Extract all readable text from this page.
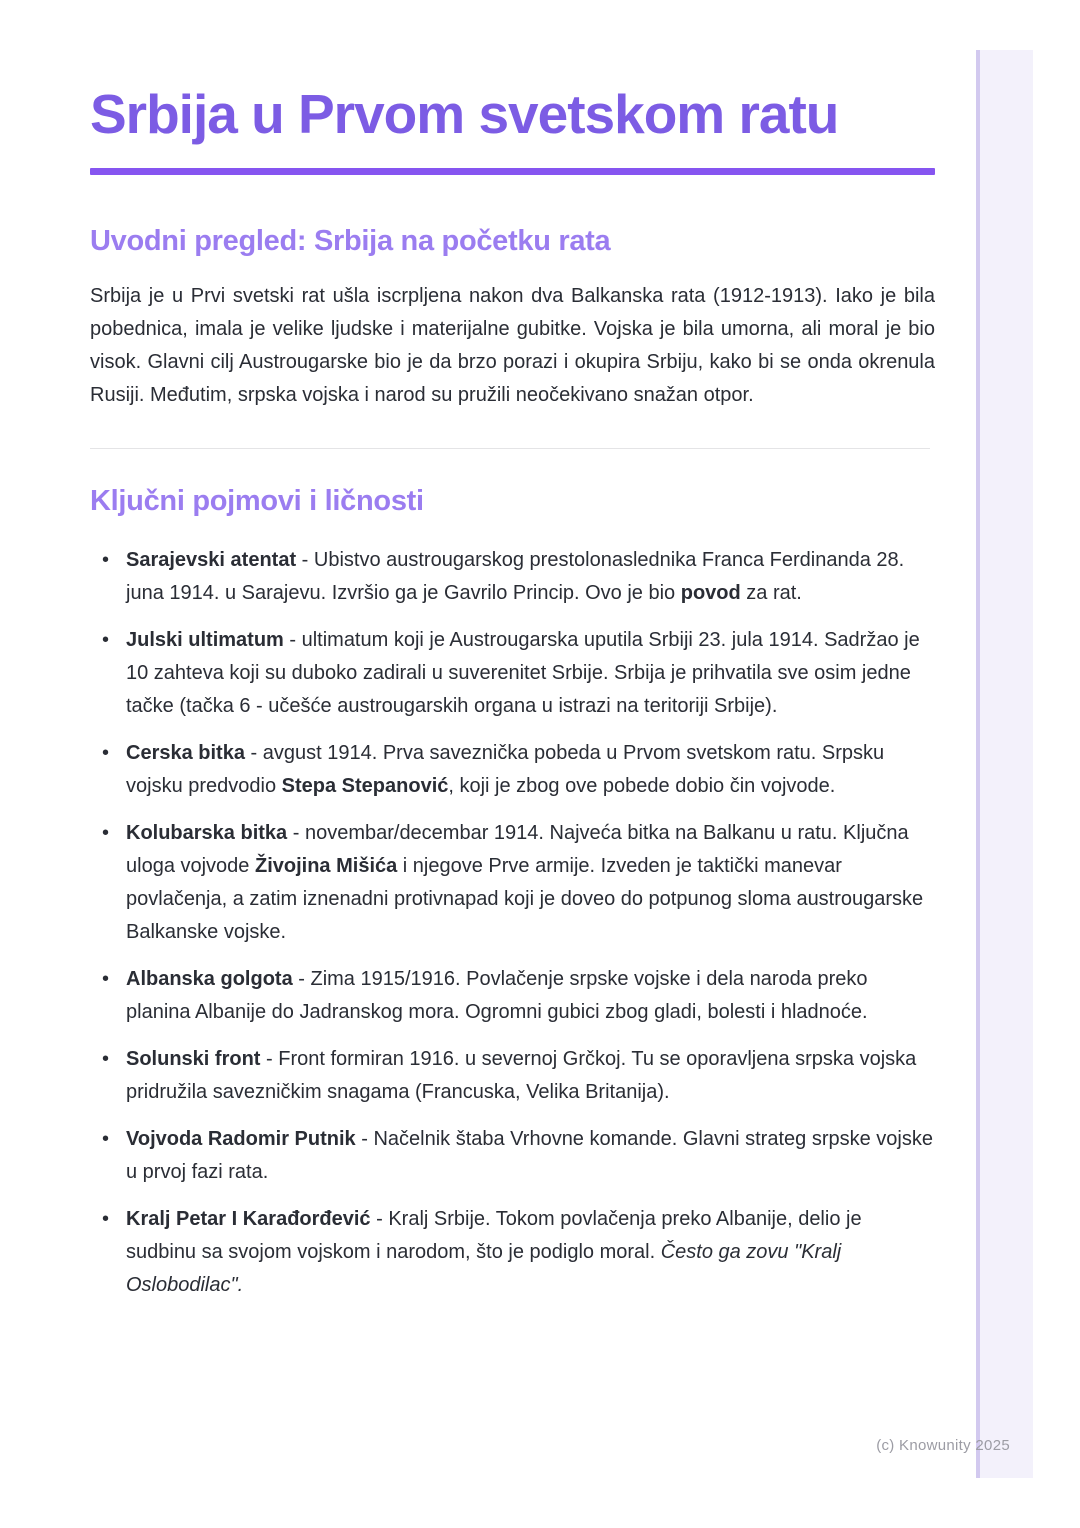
Srbija u Prvom svetskom ratu
Uvodni pregled: Srbija na početku rata

Srbija je u Prvi svetski rat ušla iscrpljena nakon dva Balkanska rata (1912-1913). Iako je bila pobednica, imala je velike ljudske i materijalne gubitke. Vojska je bila umorna, ali moral je bio visok. Glavni cilj Austrougarske bio je da brzo porazi i okupira Srbiju, kako bi se onda okrenula Rusiji. Međutim, srpska vojska i narod su pružili neočekivano snažan otpor.

Ključni pojmovi i ličnosti
• Sarajevski atentat - Ubistvo austrougarskog prestolonaslednika Franca Ferdinanda 28. juna 1914. u Sarajevu. Izvršio ga je Gavrilo Princip. Ovo je bio povod za rat.
• Julski ultimatum - ultimatum koji je Austrougarska uputila Srbiji 23. jula 1914. Sadržao je 10 zahteva koji su duboko zadirali u suverenitet Srbije. Srbija je prihvatila sve osim jedne tačke (tačka 6 - učešće austrougarskih organa u istrazi na teritoriji Srbije).
• Cerska bitka - avgust 1914. Prva saveznička pobeda u Prvom svetskom ratu. Srpsku vojsku predvodio Stepa Stepanović, koji je zbog ove pobede dobio čin vojvode.
• Kolubarska bitka - novembar/decembar 1914. Najveća bitka na Balkanu u ratu. Ključna uloga vojvode Živojina Mišića i njegove Prve armije. Izveden je taktički manevar povlačenja, a zatim iznenadni protivnapad koji je doveo do potpunog sloma austrougarske Balkanske vojske.
• Albanska golgota - Zima 1915/1916. Povlačenje srpske vojske i dela naroda preko planina Albanije do Jadranskog mora. Ogromni gubici zbog gladi, bolesti i hladnoće.
• Solunski front - Front formiran 1916. u severnoj Grčkoj. Tu se oporavljena srpska vojska pridružila savezničkim snagama (Francuska, Velika Britanija).
• Vojvoda Radomir Putnik - Načelnik štaba Vrhovne komande. Glavni strateg srpske vojske u prvoj fazi rata.
• Kralj Petar I Karađorđević - Kralj Srbije. Tokom povlačenja preko Albanije, delio je sudbinu sa svojom vojskom i narodom, što je podiglo moral. Često ga zovu "Kralj Oslobodilac".
(c) Knowunity 2025
